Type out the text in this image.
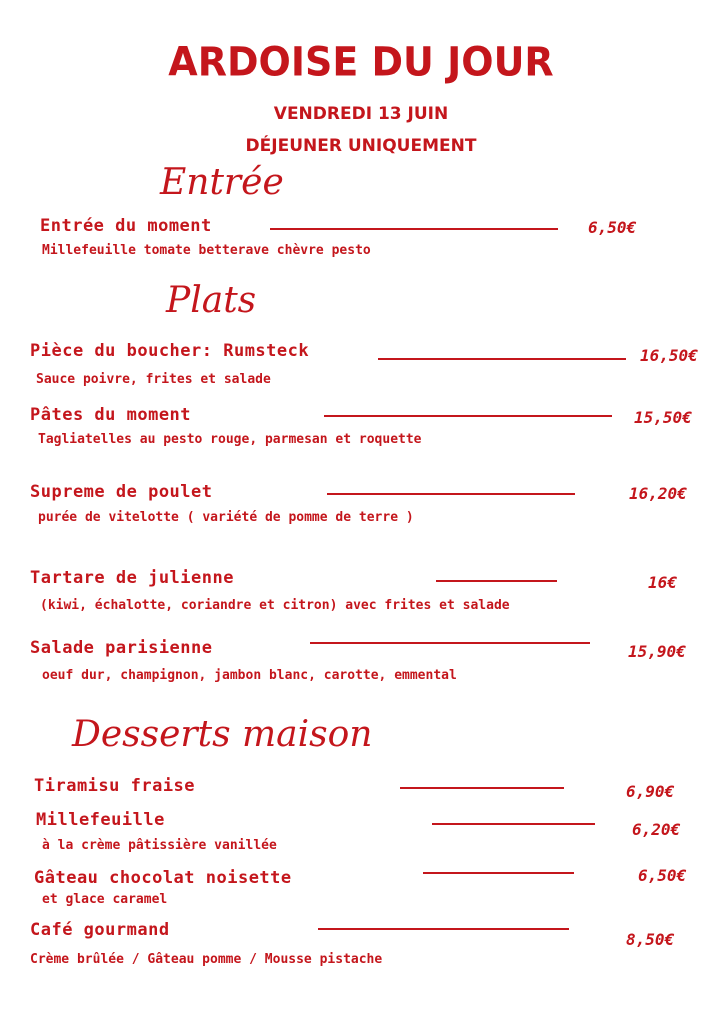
ARDOISE DU JOUR
VENDREDI 13 JUIN
DÉJEUNER UNIQUEMENT
Entrée
Entrée du moment	6,50€
Millefeuille tomate betterave chèvre pesto
Plats
Pièce du boucher: Rumsteck	16,50€
Sauce poivre, frites et salade
Pâtes du moment	15,50€
Tagliatelles au pesto rouge, parmesan et roquette
Supreme de poulet	16,20€
purée de vitelotte ( variété de pomme de terre )
Tartare de julienne	16€
(kiwi, échalotte, coriandre et citron) avec frites et salade
Salade parisienne	15,90€
oeuf dur, champignon, jambon blanc, carotte, emmental
Desserts maison
Tiramisu fraise	6,90€
Millefeuille	6,20€
à la crème pâtissière vanillée
Gâteau chocolat noisette	6,50€
et glace caramel
Café gourmand	8,50€
Crème brûlée / Gâteau pomme / Mousse pistache
